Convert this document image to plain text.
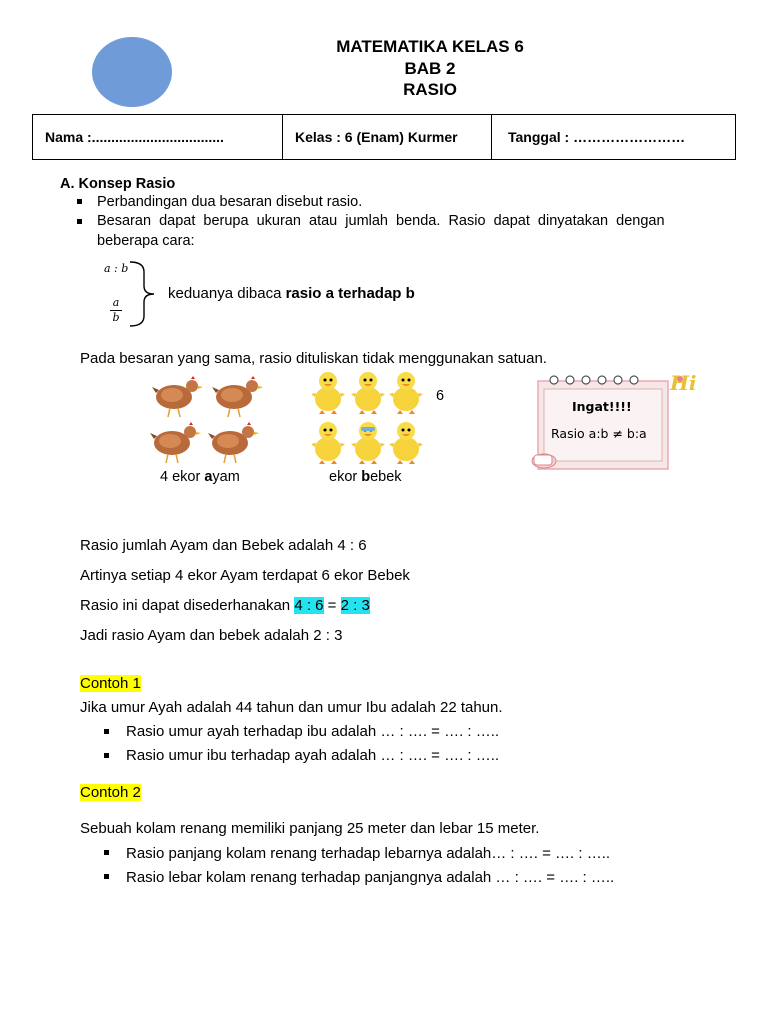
MATEMATIKA KELAS 6
BAB 2
RASIO
Nama :..................................	Kelas : 6 (Enam) Kurmer	Tanggal : ……………………
A. Konsep Rasio
Perbandingan dua besaran disebut rasio.
Besaran  dapat  berupa  ukuran  atau  jumlah  benda.  Rasio  dapat  dinyatakan  dengan
beberapa cara:
a : b
a
b
keduanya dibaca rasio a terhadap b
Pada besaran yang sama, rasio dituliskan tidak menggunakan satuan.
6
4 ekor ayam	ekor bebek
Hi
Ingat!!!!
Rasio a:b ≠ b:a
Rasio jumlah Ayam dan Bebek adalah 4 : 6
Artinya setiap 4 ekor Ayam terdapat 6 ekor Bebek
Rasio ini dapat disederhanakan 4 : 6 = 2 : 3
Jadi rasio Ayam dan bebek adalah 2 : 3
Contoh 1
Jika umur Ayah adalah 44 tahun dan umur Ibu adalah 22 tahun.
Rasio umur ayah terhadap ibu adalah … : …. = …. : …..
Rasio umur ibu terhadap ayah adalah … : …. = …. : …..
Contoh 2
Sebuah kolam renang memiliki panjang 25 meter dan lebar 15 meter.
Rasio panjang kolam renang terhadap lebarnya adalah… : …. = …. : …..
Rasio lebar kolam renang terhadap panjangnya adalah … : …. = …. : …..
